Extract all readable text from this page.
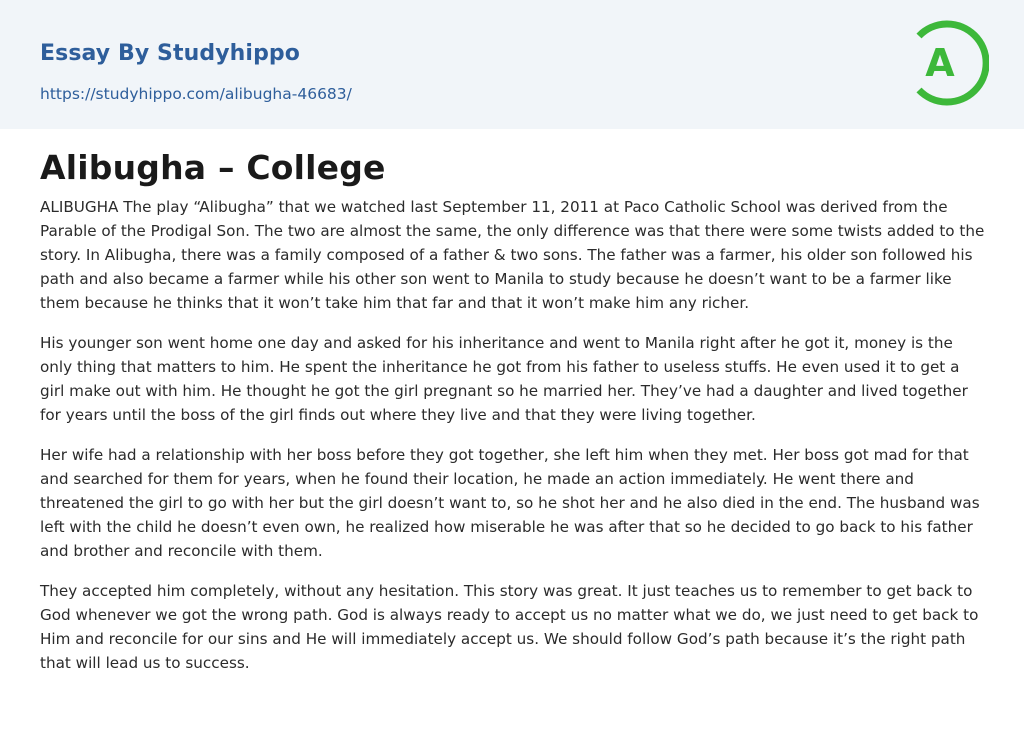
Essay By Studyhippo
https://studyhippo.com/alibugha-46683/
A
Alibugha – College

ALIBUGHA The play “Alibugha” that we watched last September 11, 2011 at Paco Catholic School was derived from the Parable of the Prodigal Son. The two are almost the same, the only difference was that there were some twists added to the story. In Alibugha, there was a family composed of a father & two sons. The father was a farmer, his older son followed his path and also became a farmer while his other son went to Manila to study because he doesn’t want to be a farmer like them because he thinks that it won’t take him that far and that it won’t make him any richer.

His younger son went home one day and asked for his inheritance and went to Manila right after he got it, money is the only thing that matters to him. He spent the inheritance he got from his father to useless stuffs. He even used it to get a girl make out with him. He thought he got the girl pregnant so he married her. They’ve had a daughter and lived together for years until the boss of the girl finds out where they live and that they were living together.

Her wife had a relationship with her boss before they got together, she left him when they met. Her boss got mad for that and searched for them for years, when he found their location, he made an action immediately. He went there and threatened the girl to go with her but the girl doesn’t want to, so he shot her and he also died in the end. The husband was left with the child he doesn’t even own, he realized how miserable he was after that so he decided to go back to his father and brother and reconcile with them.

They accepted him completely, without any hesitation. This story was great. It just teaches us to remember to get back to God whenever we got the wrong path. God is always ready to accept us no matter what we do, we just need to get back to Him and reconcile for our sins and He will immediately accept us. We should follow God’s path because it’s the right path that will lead us to success.
